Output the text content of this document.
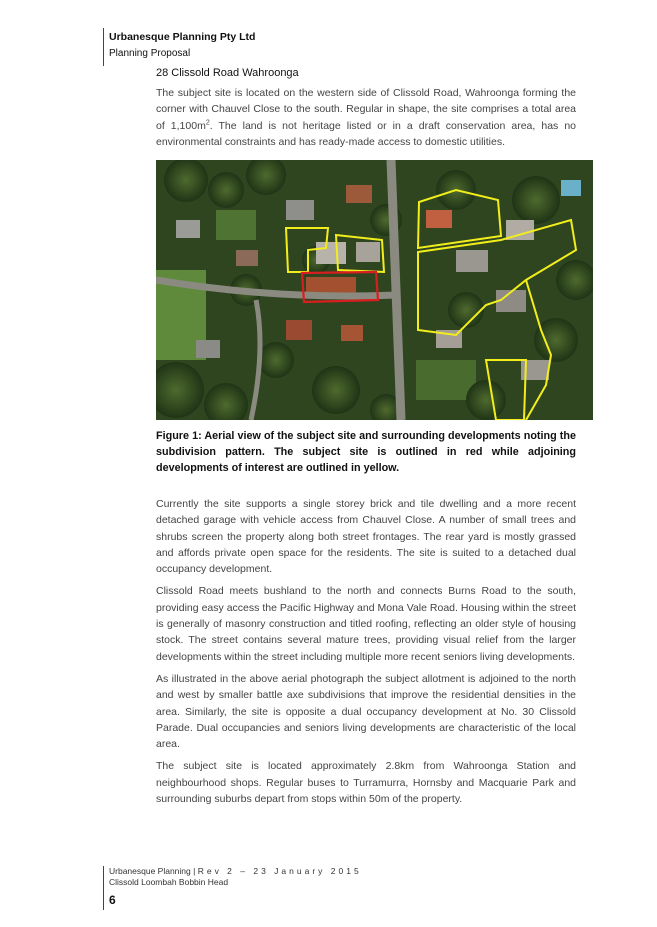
Urbanesque Planning Pty Ltd
Planning Proposal
28 Clissold Road Wahroonga

The subject site is located on the western side of Clissold Road, Wahroonga forming the corner with Chauvel Close to the south. Regular in shape, the site comprises a total area of $1,100m^2$. The land is not heritage listed or in a draft conservation area, has no environmental constraints and has ready-made access to domestic utilities.

Figure 1: Aerial view of the subject site and surrounding developments noting the subdivision pattern. The subject site is outlined in red while adjoining developments of interest are outlined in yellow.

Currently the site supports a single storey brick and tile dwelling and a more recent detached garage with vehicle access from Chauvel Close. A number of small trees and shrubs screen the property along both street frontages. The rear yard is mostly grassed and affords private open space for the residents. The site is suited to a detached dual occupancy development.

Clissold Road meets bushland to the north and connects Burns Road to the south, providing easy access the Pacific Highway and Mona Vale Road. Housing within the street is generally of masonry construction and titled roofing, reflecting an older style of housing stock. The street contains several mature trees, providing visual relief from the larger developments within the street including multiple more recent seniors living developments.

As illustrated in the above aerial photograph the subject allotment is adjoined to the north and west by smaller battle axe subdivisions that improve the residential densities in the area. Similarly, the site is opposite a dual occupancy development at No. 30 Clissold Parade. Dual occupancies and seniors living developments are characteristic of the local area.

The subject site is located approximately 2.8km from Wahroonga Station and neighbourhood shops. Regular buses to Turramurra, Hornsby and Macquarie Park and surrounding suburbs depart from stops within 50m of the property.

Urbanesque Planning | Rev 2 – 23 January 2015
Clissold Loombah Bobbin Head
6
